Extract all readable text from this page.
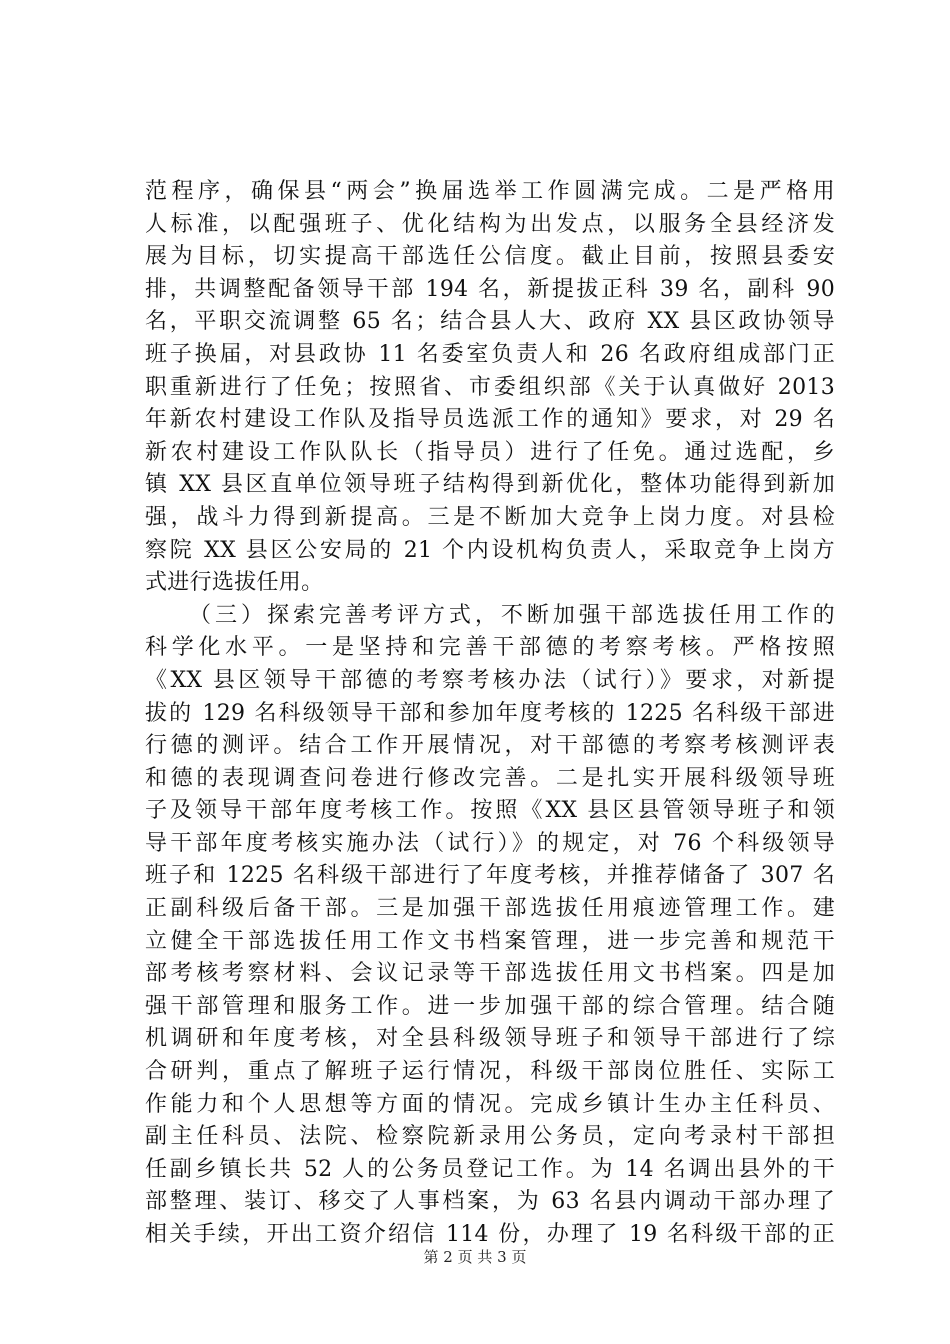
范程序，确保县“两会”换届选举工作圆满完成。二是严格用
人标准，以配强班子、优化结构为出发点，以服务全县经济发
展为目标，切实提高干部选任公信度。截止目前，按照县委安
排，共调整配备领导干部 194 名，新提拔正科 39 名，副科 90
名，平职交流调整 65 名；结合县人大、政府 XX 县区政协领导
班子换届，对县政协 11 名委室负责人和 26 名政府组成部门正
职重新进行了任免；按照省、市委组织部《关于认真做好 2013
年新农村建设工作队及指导员选派工作的通知》要求，对 29 名
新农村建设工作队队长（指导员）进行了任免。通过选配，乡
镇 XX 县区直单位领导班子结构得到新优化，整体功能得到新加
强，战斗力得到新提高。三是不断加大竞争上岗力度。对县检
察院 XX 县区公安局的 21 个内设机构负责人，采取竞争上岗方
式进行选拔任用。
（三）探索完善考评方式，不断加强干部选拔任用工作的
科学化水平。一是坚持和完善干部德的考察考核。严格按照
《XX 县区领导干部德的考察考核办法（试行）》要求，对新提
拔的 129 名科级领导干部和参加年度考核的 1225 名科级干部进
行德的测评。结合工作开展情况，对干部德的考察考核测评表
和德的表现调查问卷进行修改完善。二是扎实开展科级领导班
子及领导干部年度考核工作。按照《XX 县区县管领导班子和领
导干部年度考核实施办法（试行）》的规定，对 76 个科级领导
班子和 1225 名科级干部进行了年度考核，并推荐储备了 307 名
正副科级后备干部。三是加强干部选拔任用痕迹管理工作。建
立健全干部选拔任用工作文书档案管理，进一步完善和规范干
部考核考察材料、会议记录等干部选拔任用文书档案。四是加
强干部管理和服务工作。进一步加强干部的综合管理。结合随
机调研和年度考核，对全县科级领导班子和领导干部进行了综
合研判，重点了解班子运行情况，科级干部岗位胜任、实际工
作能力和个人思想等方面的情况。完成乡镇计生办主任科员、
副主任科员、法院、检察院新录用公务员，定向考录村干部担
任副乡镇长共 52 人的公务员登记工作。为 14 名调出县外的干
部整理、装订、移交了人事档案，为 63 名县内调动干部办理了
相关手续，开出工资介绍信 114 份，办理了 19 名科级干部的正
第 2 页 共 3 页
